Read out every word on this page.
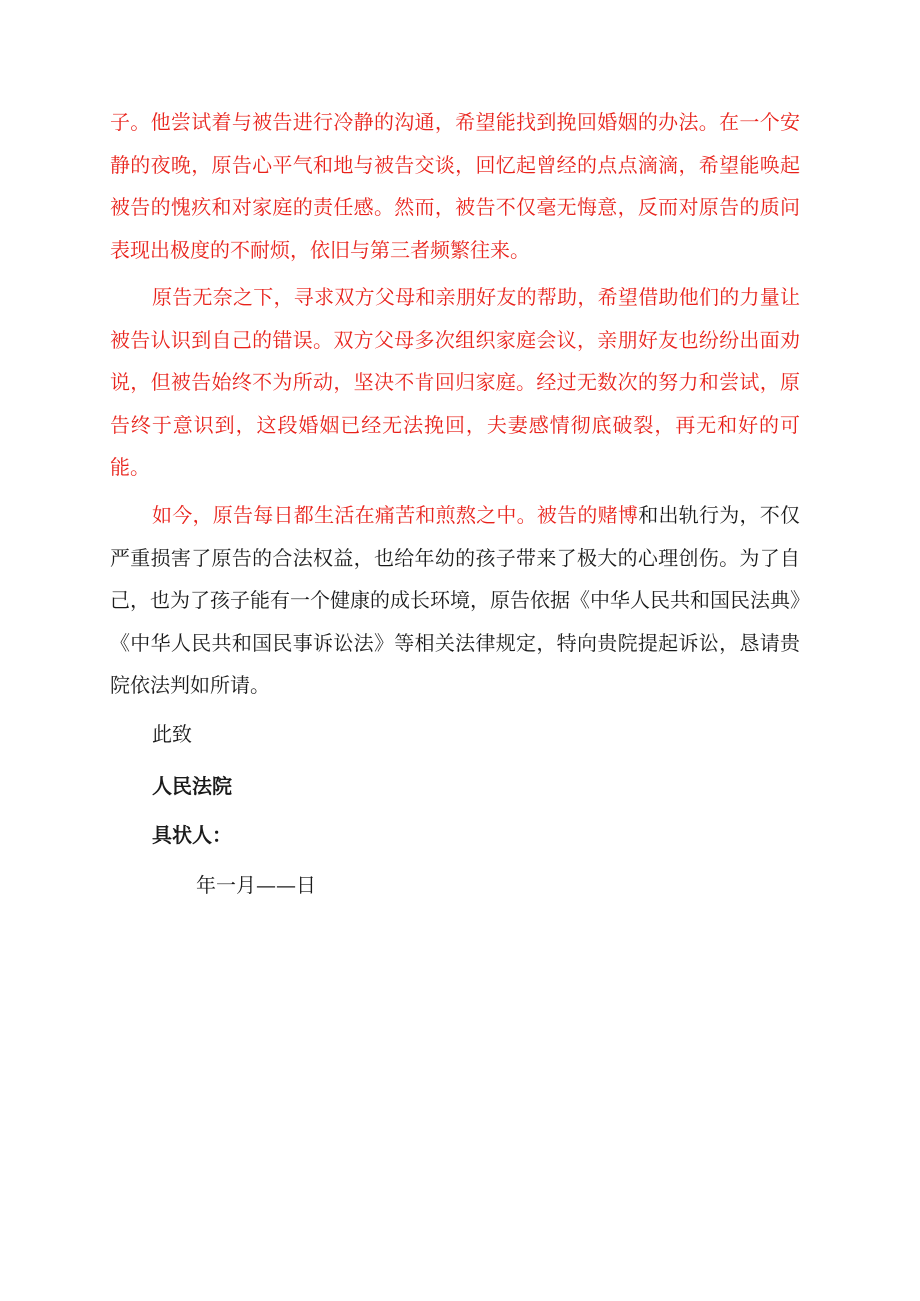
子。他尝试着与被告进行冷静的沟通，希望能找到挽回婚姻的办法。在一个安静的夜晚，原告心平气和地与被告交谈，回忆起曾经的点点滴滴，希望能唤起被告的愧疚和对家庭的责任感。然而，被告不仅毫无悔意，反而对原告的质问表现出极度的不耐烦，依旧与第三者频繁往来。

原告无奈之下，寻求双方父母和亲朋好友的帮助，希望借助他们的力量让被告认识到自己的错误。双方父母多次组织家庭会议，亲朋好友也纷纷出面劝说，但被告始终不为所动，坚决不肯回归家庭。经过无数次的努力和尝试，原告终于意识到，这段婚姻已经无法挽回，夫妻感情彻底破裂，再无和好的可能。

如今，原告每日都生活在痛苦和煎熬之中。被告的赌博和出轨行为，不仅严重损害了原告的合法权益，也给年幼的孩子带来了极大的心理创伤。为了自己，也为了孩子能有一个健康的成长环境，原告依据《中华人民共和国民法典》《中华人民共和国民事诉讼法》等相关法律规定，特向贵院提起诉讼，恳请贵院依法判如所请。

此致

人民法院

具状人：

年一月——日
